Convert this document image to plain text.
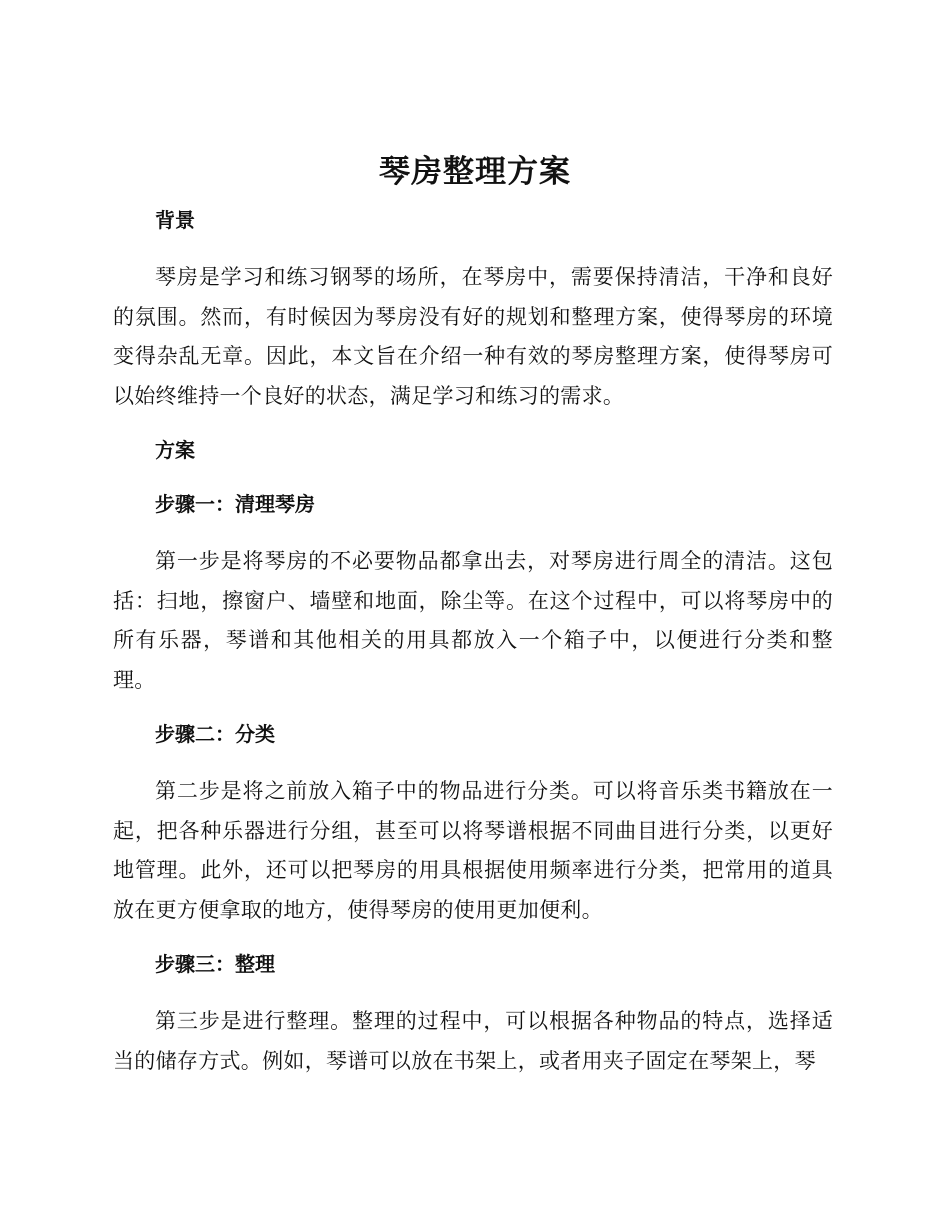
琴房整理方案

背景

琴房是学习和练习钢琴的场所，在琴房中，需要保持清洁，干净和良好的氛围。然而，有时候因为琴房没有好的规划和整理方案，使得琴房的环境变得杂乱无章。因此，本文旨在介绍一种有效的琴房整理方案，使得琴房可以始终维持一个良好的状态，满足学习和练习的需求。

方案

步骤一：清理琴房

第一步是将琴房的不必要物品都拿出去，对琴房进行周全的清洁。这包括：扫地，擦窗户、墙壁和地面，除尘等。在这个过程中，可以将琴房中的所有乐器，琴谱和其他相关的用具都放入一个箱子中，以便进行分类和整理。

步骤二：分类

第二步是将之前放入箱子中的物品进行分类。可以将音乐类书籍放在一起，把各种乐器进行分组，甚至可以将琴谱根据不同曲目进行分类，以更好地管理。此外，还可以把琴房的用具根据使用频率进行分类，把常用的道具放在更方便拿取的地方，使得琴房的使用更加便利。

步骤三：整理

第三步是进行整理。整理的过程中，可以根据各种物品的特点，选择适当的储存方式。例如，琴谱可以放在书架上，或者用夹子固定在琴架上，琴
